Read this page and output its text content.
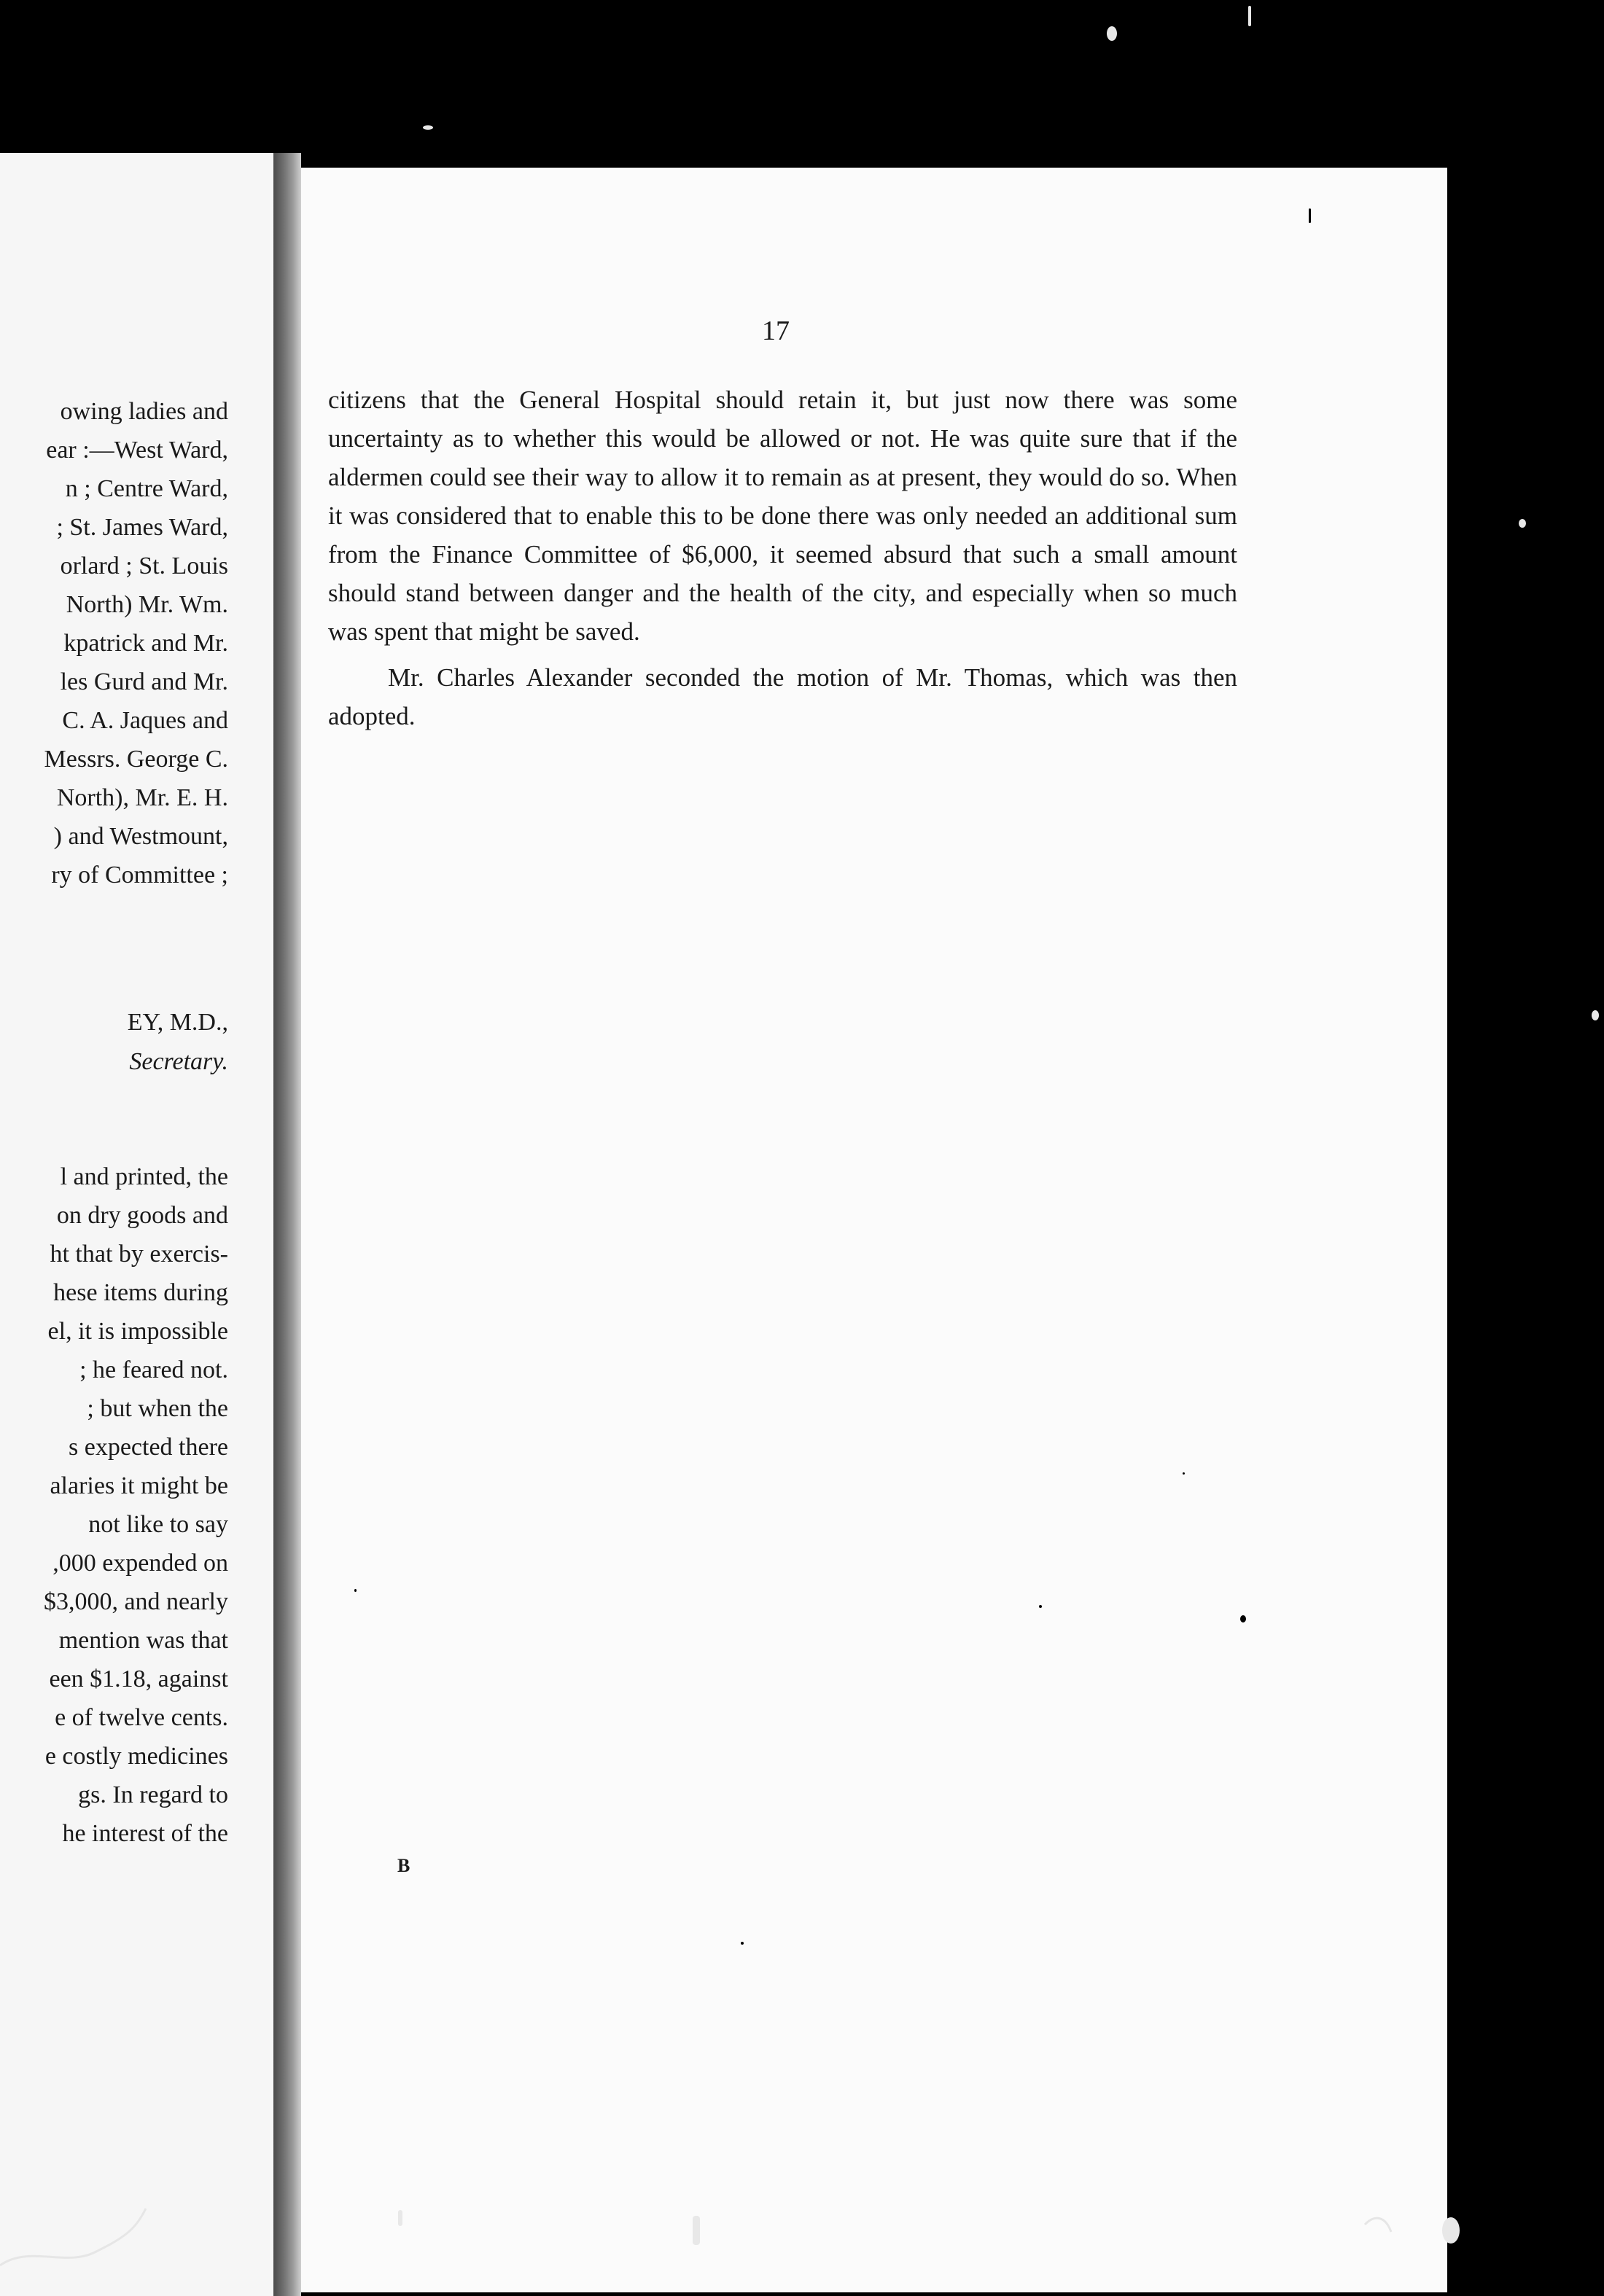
owing ladies and
ear :—West Ward,
n ; Centre Ward,
; St. James Ward,
orlard ; St. Louis
North) Mr. Wm.
kpatrick and Mr.
les Gurd and Mr.
C. A. Jaques and
Messrs. George C.
North), Mr. E. H.
) and Westmount,
ry of Committee ;
EY, M.D.,
Secretary.
l and printed, the
on dry goods and
ht that by exercis-
hese items during
el, it is impossible
; he feared not.
; but when the
s expected there
alaries it might be
not like to say
,000 expended on
$3,000, and nearly
mention was that
een $1.18, against
e of twelve cents.
e costly medicines
gs. In regard to
he interest of the
17

citizens that the General Hospital should retain it, but just now there was some uncertainty as to whether this would be allowed or not. He was quite sure that if the aldermen could see their way to allow it to remain as at present, they would do so. When it was considered that to enable this to be done there was only needed an additional sum from the Finance Committee of $6,000, it seemed absurd that such a small amount should stand between danger and the health of the city, and especially when so much was spent that might be saved.

Mr. Charles Alexander seconded the motion of Mr. Thomas, which was then adopted.

B
